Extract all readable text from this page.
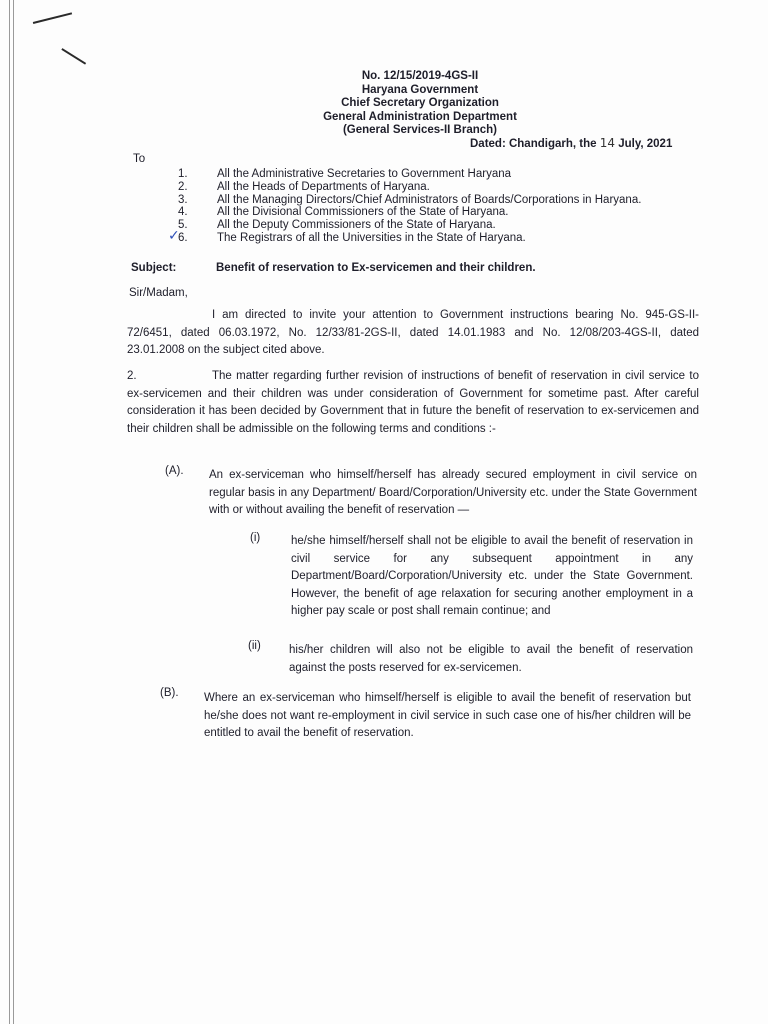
No. 12/15/2019-4GS-II
Haryana Government
Chief Secretary Organization
General Administration Department
(General Services-II Branch)
Dated: Chandigarh, the 14 July, 2021
To
1.	All the Administrative Secretaries to Government Haryana
2.	All the Heads of Departments of Haryana.
3.	All the Managing Directors/Chief Administrators of Boards/Corporations in Haryana.
4.	All the Divisional Commissioners of the State of Haryana.
5.	All the Deputy Commissioners of the State of Haryana.
6.	The Registrars of all the Universities in the State of Haryana.
✓
Subject:	Benefit of reservation to Ex-servicemen and their children.
Sir/Madam,
I am directed to invite your attention to Government instructions bearing No. 945-GS-II-72/6451, dated 06.03.1972, No. 12/33/81-2GS-II, dated 14.01.1983 and No. 12/08/203-4GS-II, dated 23.01.2008 on the subject cited above.
2.	The matter regarding further revision of instructions of benefit of reservation in civil service to ex-servicemen and their children was under consideration of Government for sometime past. After careful consideration it has been decided by Government that in future the benefit of reservation to ex-servicemen and their children shall be admissible on the following terms and conditions :-
(A). An ex-serviceman who himself/herself has already secured employment in civil service on regular basis in any Department/ Board/Corporation/University etc. under the State Government with or without availing the benefit of reservation —
(i)	he/she himself/herself shall not be eligible to avail the benefit of reservation in civil service for any subsequent appointment in any Department/Board/Corporation/University etc. under the State Government. However, the benefit of age relaxation for securing another employment in a higher pay scale or post shall remain continue; and
(ii) his/her children will also not be eligible to avail the benefit of reservation against the posts reserved for ex-servicemen.
(B). Where an ex-serviceman who himself/herself is eligible to avail the benefit of reservation but he/she does not want re-employment in civil service in such case one of his/her children will be entitled to avail the benefit of reservation.
